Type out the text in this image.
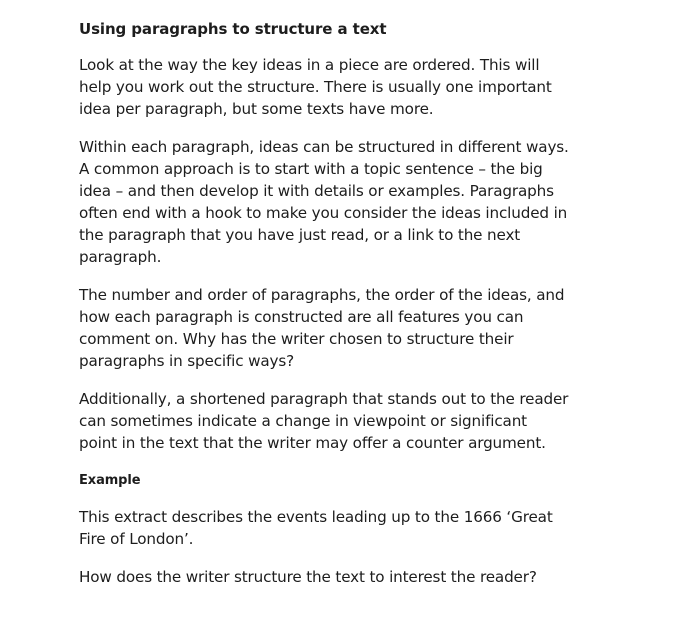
Using paragraphs to structure a text

Look at the way the key ideas in a piece are ordered. This will help you work out the structure. There is usually one important idea per paragraph, but some texts have more.

Within each paragraph, ideas can be structured in different ways. A common approach is to start with a topic sentence – the big idea – and then develop it with details or examples. Paragraphs often end with a hook to make you consider the ideas included in the paragraph that you have just read, or a link to the next paragraph.

The number and order of paragraphs, the order of the ideas, and how each paragraph is constructed are all features you can comment on. Why has the writer chosen to structure their paragraphs in specific ways?

Additionally, a shortened paragraph that stands out to the reader can sometimes indicate a change in viewpoint or significant point in the text that the writer may offer a counter argument.

Example

This extract describes the events leading up to the 1666 ‘Great Fire of London’.

How does the writer structure the text to interest the reader?
